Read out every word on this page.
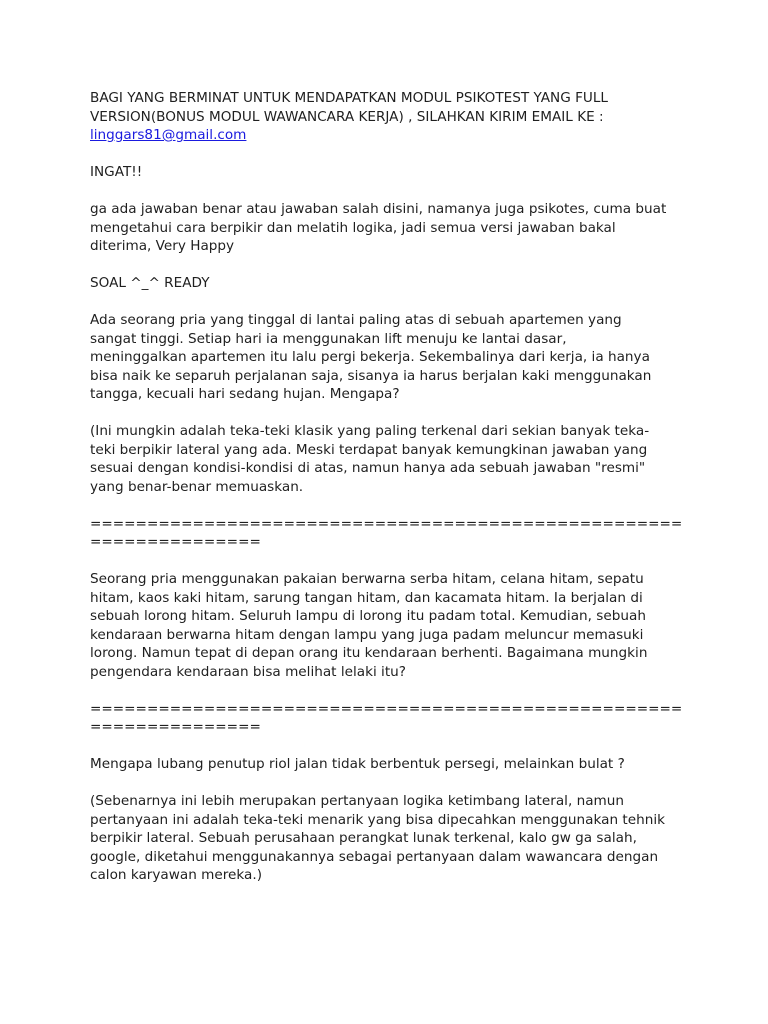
BAGI YANG BERMINAT UNTUK MENDAPATKAN MODUL PSIKOTEST YANG FULL
VERSION(BONUS MODUL WAWANCARA KERJA) , SILAHKAN KIRIM EMAIL KE :
linggars81@gmail.com

INGAT!!

ga ada jawaban benar atau jawaban salah disini, namanya juga psikotes, cuma buat
mengetahui cara berpikir dan melatih logika, jadi semua versi jawaban bakal
diterima, Very Happy

SOAL ^_^ READY

Ada seorang pria yang tinggal di lantai paling atas di sebuah apartemen yang
sangat tinggi. Setiap hari ia menggunakan lift menuju ke lantai dasar,
meninggalkan apartemen itu lalu pergi bekerja. Sekembalinya dari kerja, ia hanya
bisa naik ke separuh perjalanan saja, sisanya ia harus berjalan kaki menggunakan
tangga, kecuali hari sedang hujan. Mengapa?

(Ini mungkin adalah teka-teki klasik yang paling terkenal dari sekian banyak teka-
teki berpikir lateral yang ada. Meski terdapat banyak kemungkinan jawaban yang
sesuai dengan kondisi-kondisi di atas, namun hanya ada sebuah jawaban "resmi"
yang benar-benar memuaskan.

====================================================
===============

Seorang pria menggunakan pakaian berwarna serba hitam, celana hitam, sepatu
hitam, kaos kaki hitam, sarung tangan hitam, dan kacamata hitam. Ia berjalan di
sebuah lorong hitam. Seluruh lampu di lorong itu padam total. Kemudian, sebuah
kendaraan berwarna hitam dengan lampu yang juga padam meluncur memasuki
lorong. Namun tepat di depan orang itu kendaraan berhenti. Bagaimana mungkin
pengendara kendaraan bisa melihat lelaki itu?

====================================================
===============

Mengapa lubang penutup riol jalan tidak berbentuk persegi, melainkan bulat ?

(Sebenarnya ini lebih merupakan pertanyaan logika ketimbang lateral, namun
pertanyaan ini adalah teka-teki menarik yang bisa dipecahkan menggunakan tehnik
berpikir lateral. Sebuah perusahaan perangkat lunak terkenal, kalo gw ga salah,
google, diketahui menggunakannya sebagai pertanyaan dalam wawancara dengan
calon karyawan mereka.)
